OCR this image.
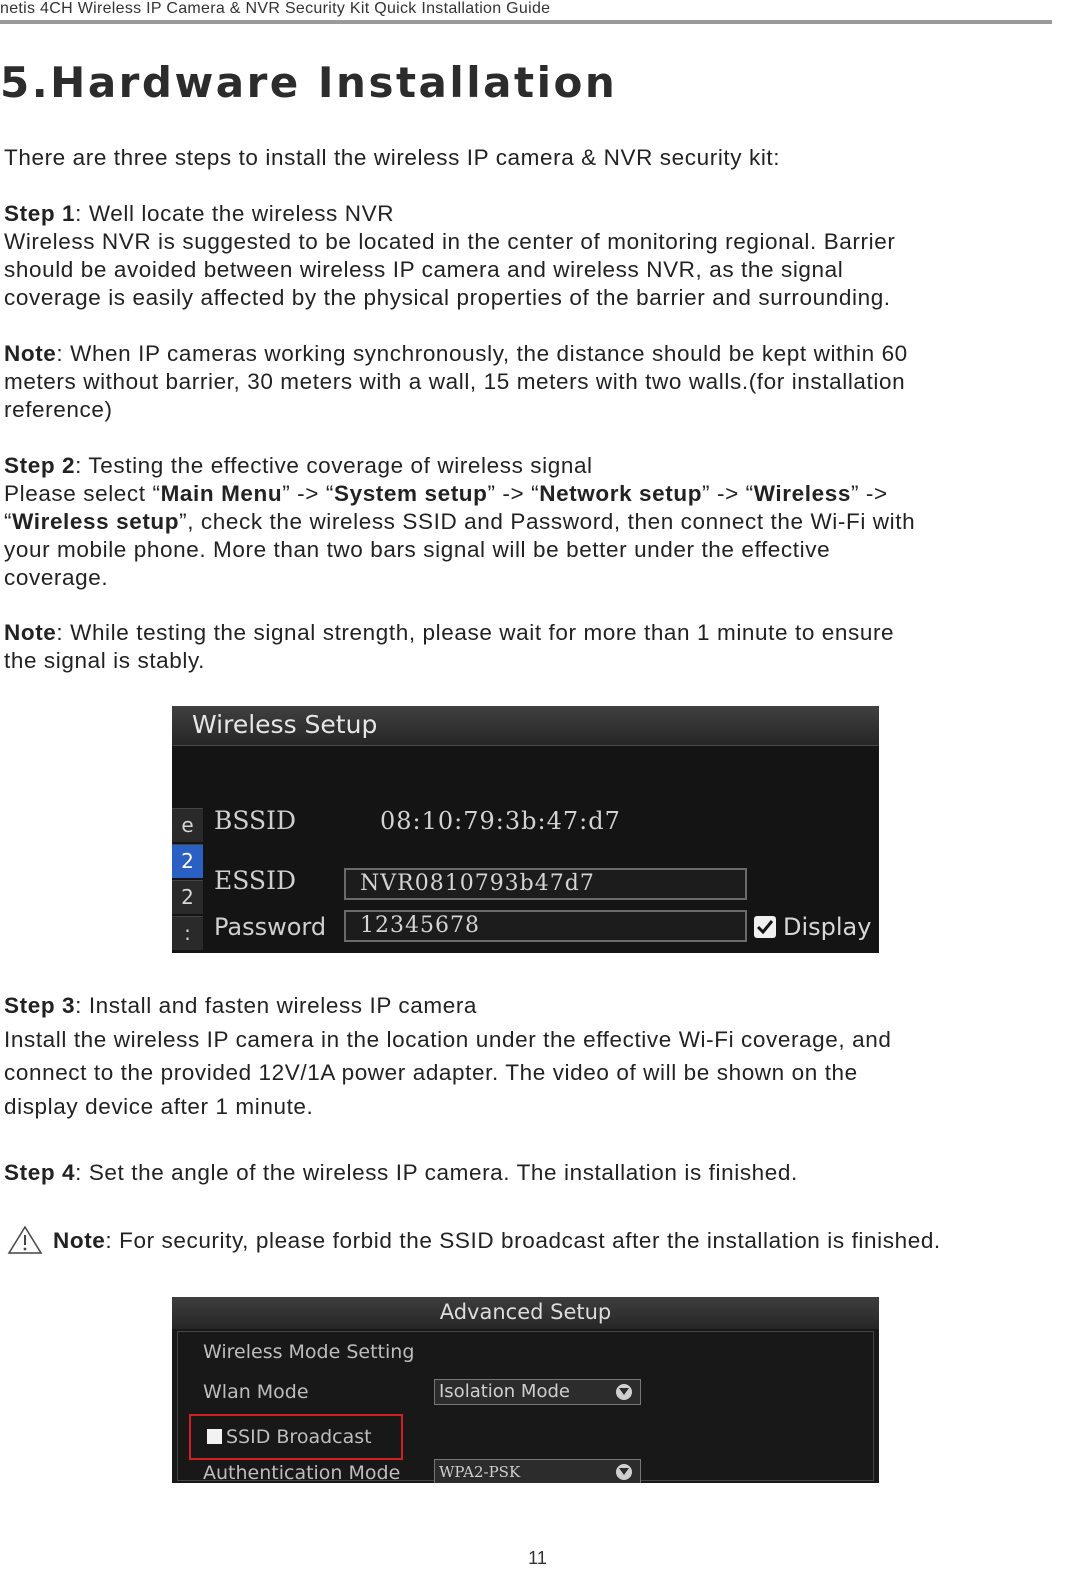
netis 4CH Wireless IP Camera & NVR Security Kit Quick Installation Guide
5.Hardware Installation
There are three steps to install the wireless IP camera & NVR security kit:
Step 1: Well locate the wireless NVR
Wireless NVR is suggested to be located in the center of monitoring regional. Barrier
should be avoided between wireless IP camera and wireless NVR, as the signal
coverage is easily affected by the physical properties of the barrier and surrounding.
Note: When IP cameras working synchronously, the distance should be kept within 60
meters without barrier, 30 meters with a wall, 15 meters with two walls.(for installation
reference)
Step 2: Testing the effective coverage of wireless signal
Please select “Main Menu” -> “System setup” -> “Network setup” -> “Wireless” ->
“Wireless setup”, check the wireless SSID and Password, then connect the Wi-Fi with
your mobile phone. More than two bars signal will be better under the effective
coverage.
Note: While testing the signal strength, please wait for more than 1 minute to ensure
the signal is stably.
Wireless Setup
e
2
2
:
BSSID	08:10:79:3b:47:d7
ESSID	NVR0810793b47d7
Password 12345678	Display
Step 3: Install and fasten wireless IP camera
Install the wireless IP camera in the location under the effective Wi-Fi coverage, and
connect to the provided 12V/1A power adapter. The video of will be shown on the
display device after 1 minute.
Step 4: Set the angle of the wireless IP camera. The installation is finished.
Note: For security, please forbid the SSID broadcast after the installation is finished.
Advanced Setup
Wireless Mode Setting
Wlan Mode	Isolation Mode
SSID Broadcast
Authentication Mode	WPA2-PSK
11
